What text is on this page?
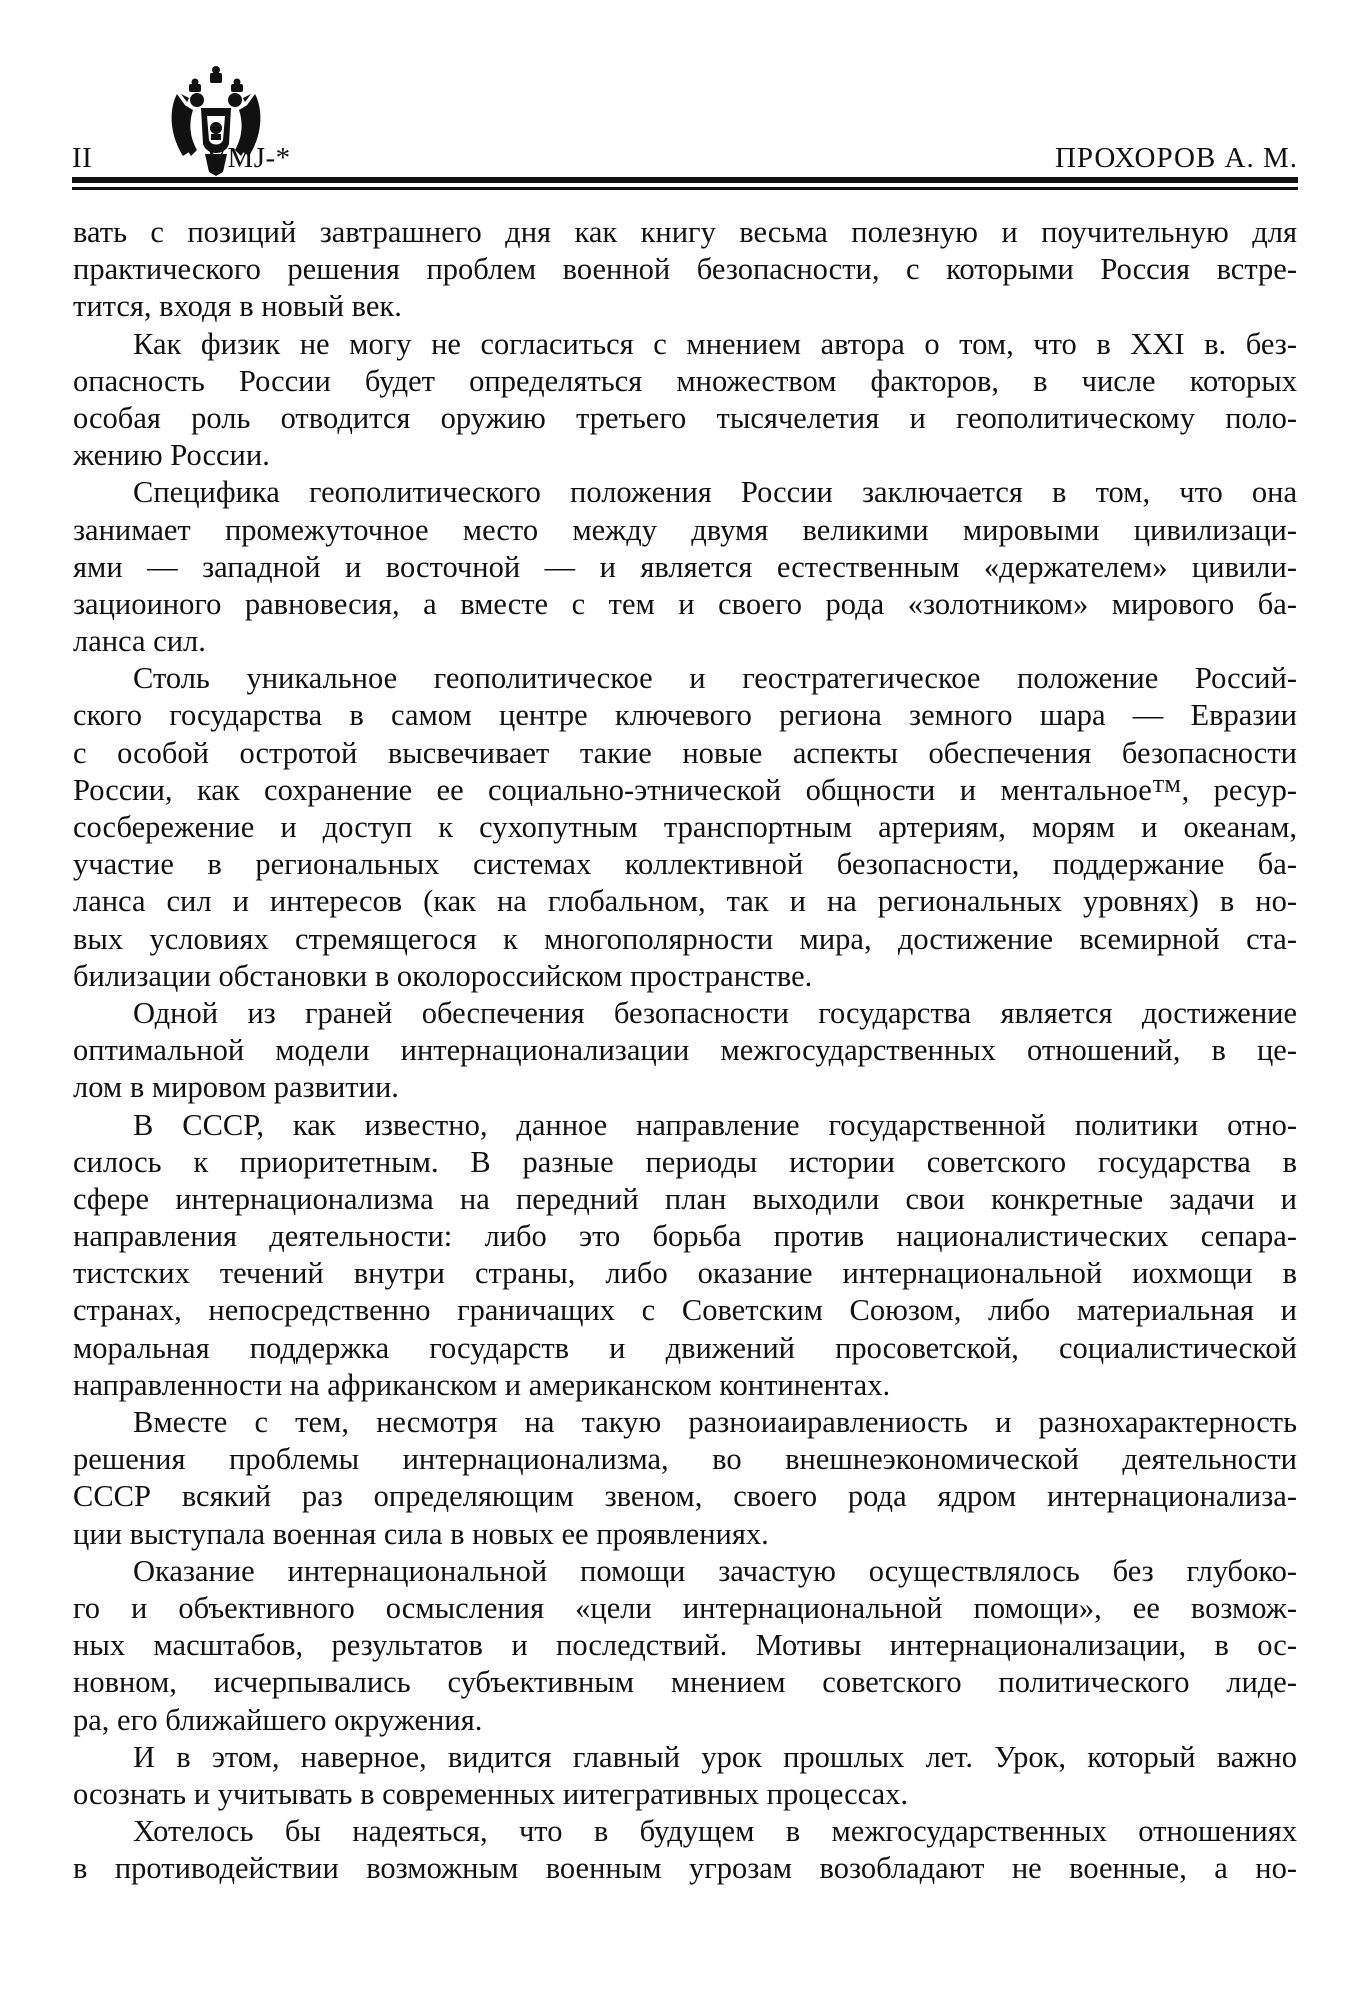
II	VMJ-*	ПРОХОРОВ А. М.
вать с позиций завтрашнего дня как книгу весьма полезную и поучительную для
практического решения проблем военной безопасности, с которыми Россия встре-
тится, входя в новый век.
Как физик не могу не согласиться с мнением автора о том, что в XXI в. без-
опасность России будет определяться множеством факторов, в числе которых
особая роль отводится оружию третьего тысячелетия и геополитическому поло-
жению России.
Специфика геополитического положения России заключается в том, что она
занимает промежуточное место между двумя великими мировыми цивилизаци-
ями — западной и восточной — и является естественным «держателем» цивили-
зациоиного равновесия, а вместе с тем и своего рода «золотником» мирового ба-
ланса сил.
Столь уникальное геополитическое и геостратегическое положение Россий-
ского государства в самом центре ключевого региона земного шара — Евразии
с особой остротой высвечивает такие новые аспекты обеспечения безопасности
России, как сохранение ее социально-этнической общности и ментальное™, ресур-
сосбережение и доступ к сухопутным транспортным артериям, морям и океанам,
участие в региональных системах коллективной безопасности, поддержание ба-
ланса сил и интересов (как на глобальном, так и на региональных уровнях) в но-
вых условиях стремящегося к многополярности мира, достижение всемирной ста-
билизации обстановки в околороссийском пространстве.
Одной из граней обеспечения безопасности государства является достижение
оптимальной модели интернационализации межгосударственных отношений, в це-
лом в мировом развитии.
В СССР, как известно, данное направление государственной политики отно-
силось к приоритетным. В разные периоды истории советского государства в
сфере интернационализма на передний план выходили свои конкретные задачи и
направления деятельности: либо это борьба против националистических сепара-
тистских течений внутри страны, либо оказание интернациональной иохмощи в
странах, непосредственно граничащих с Советским Союзом, либо материальная и
моральная поддержка государств и движений просоветской, социалистической
направленности на африканском и американском континентах.
Вместе с тем, несмотря на такую разноиаиравлениость и разнохарактерность
решения проблемы интернационализма, во внешнеэкономической деятельности
СССР всякий раз определяющим звеном, своего рода ядром интернационализа-
ции выступала военная сила в новых ее проявлениях.
Оказание интернациональной помощи зачастую осуществлялось без глубоко-
го и объективного осмысления «цели интернациональной помощи», ее возмож-
ных масштабов, результатов и последствий. Мотивы интернационализации, в ос-
новном, исчерпывались субъективным мнением советского политического лиде-
ра, его ближайшего окружения.
И в этом, наверное, видится главный урок прошлых лет. Урок, который важно
осознать и учитывать в современных иитегративных процессах.
Хотелось бы надеяться, что в будущем в межгосударственных отношениях
в противодействии возможным военным угрозам возобладают не военные, а но-
